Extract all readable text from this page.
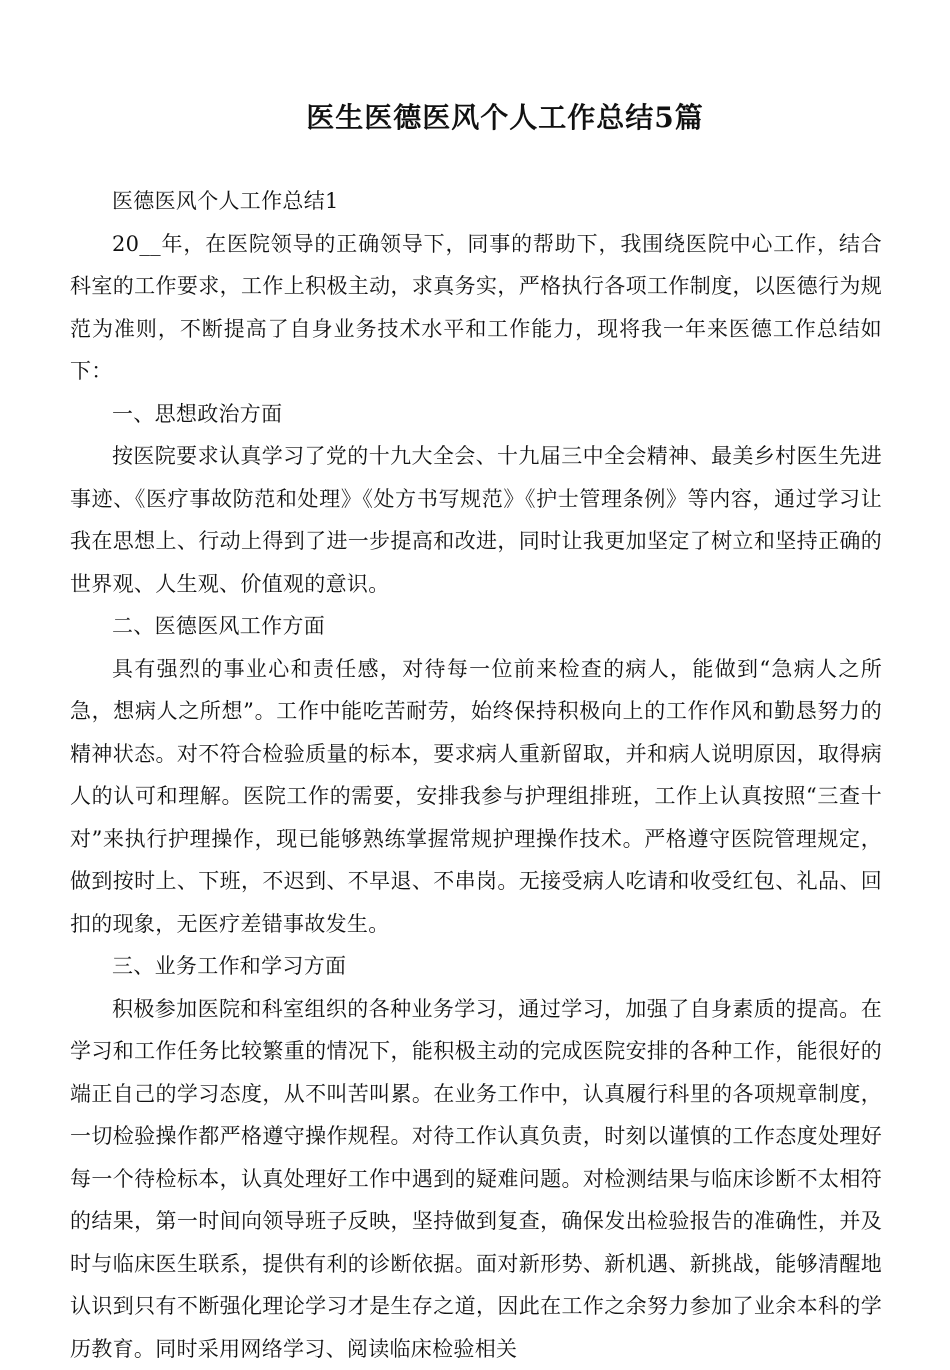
医生医德医风个人工作总结5篇

医德医风个人工作总结1

20__年，在医院领导的正确领导下，同事的帮助下，我围绕医院中心工作，结合科室的工作要求，工作上积极主动，求真务实，严格执行各项工作制度，以医德行为规范为准则，不断提高了自身业务技术水平和工作能力，现将我一年来医德工作总结如下：

一、思想政治方面

按医院要求认真学习了党的十九大全会、十九届三中全会精神、最美乡村医生先进事迹、《医疗事故防范和处理》《处方书写规范》《护士管理条例》等内容，通过学习让我在思想上、行动上得到了进一步提高和改进，同时让我更加坚定了树立和坚持正确的世界观、人生观、价值观的意识。

二、医德医风工作方面

具有强烈的事业心和责任感，对待每一位前来检查的病人，能做到“急病人之所急，想病人之所想”。工作中能吃苦耐劳，始终保持积极向上的工作作风和勤恳努力的精神状态。对不符合检验质量的标本，要求病人重新留取，并和病人说明原因，取得病人的认可和理解。医院工作的需要，安排我参与护理组排班，工作上认真按照“三查十对”来执行护理操作，现已能够熟练掌握常规护理操作技术。严格遵守医院管理规定，做到按时上、下班，不迟到、不早退、不串岗。无接受病人吃请和收受红包、礼品、回扣的现象，无医疗差错事故发生。

三、业务工作和学习方面

积极参加医院和科室组织的各种业务学习，通过学习，加强了自身素质的提高。在学习和工作任务比较繁重的情况下，能积极主动的完成医院安排的各种工作，能很好的端正自己的学习态度，从不叫苦叫累。在业务工作中，认真履行科里的各项规章制度，一切检验操作都严格遵守操作规程。对待工作认真负责，时刻以谨慎的工作态度处理好每一个待检标本，认真处理好工作中遇到的疑难问题。对检测结果与临床诊断不太相符的结果，第一时间向领导班子反映，坚持做到复查，确保发出检验报告的准确性，并及时与临床医生联系，提供有利的诊断依据。面对新形势、新机遇、新挑战，能够清醒地认识到只有不断强化理论学习才是生存之道，因此在工作之余努力参加了业余本科的学历教育。同时采用网络学习、阅读临床检验相关
